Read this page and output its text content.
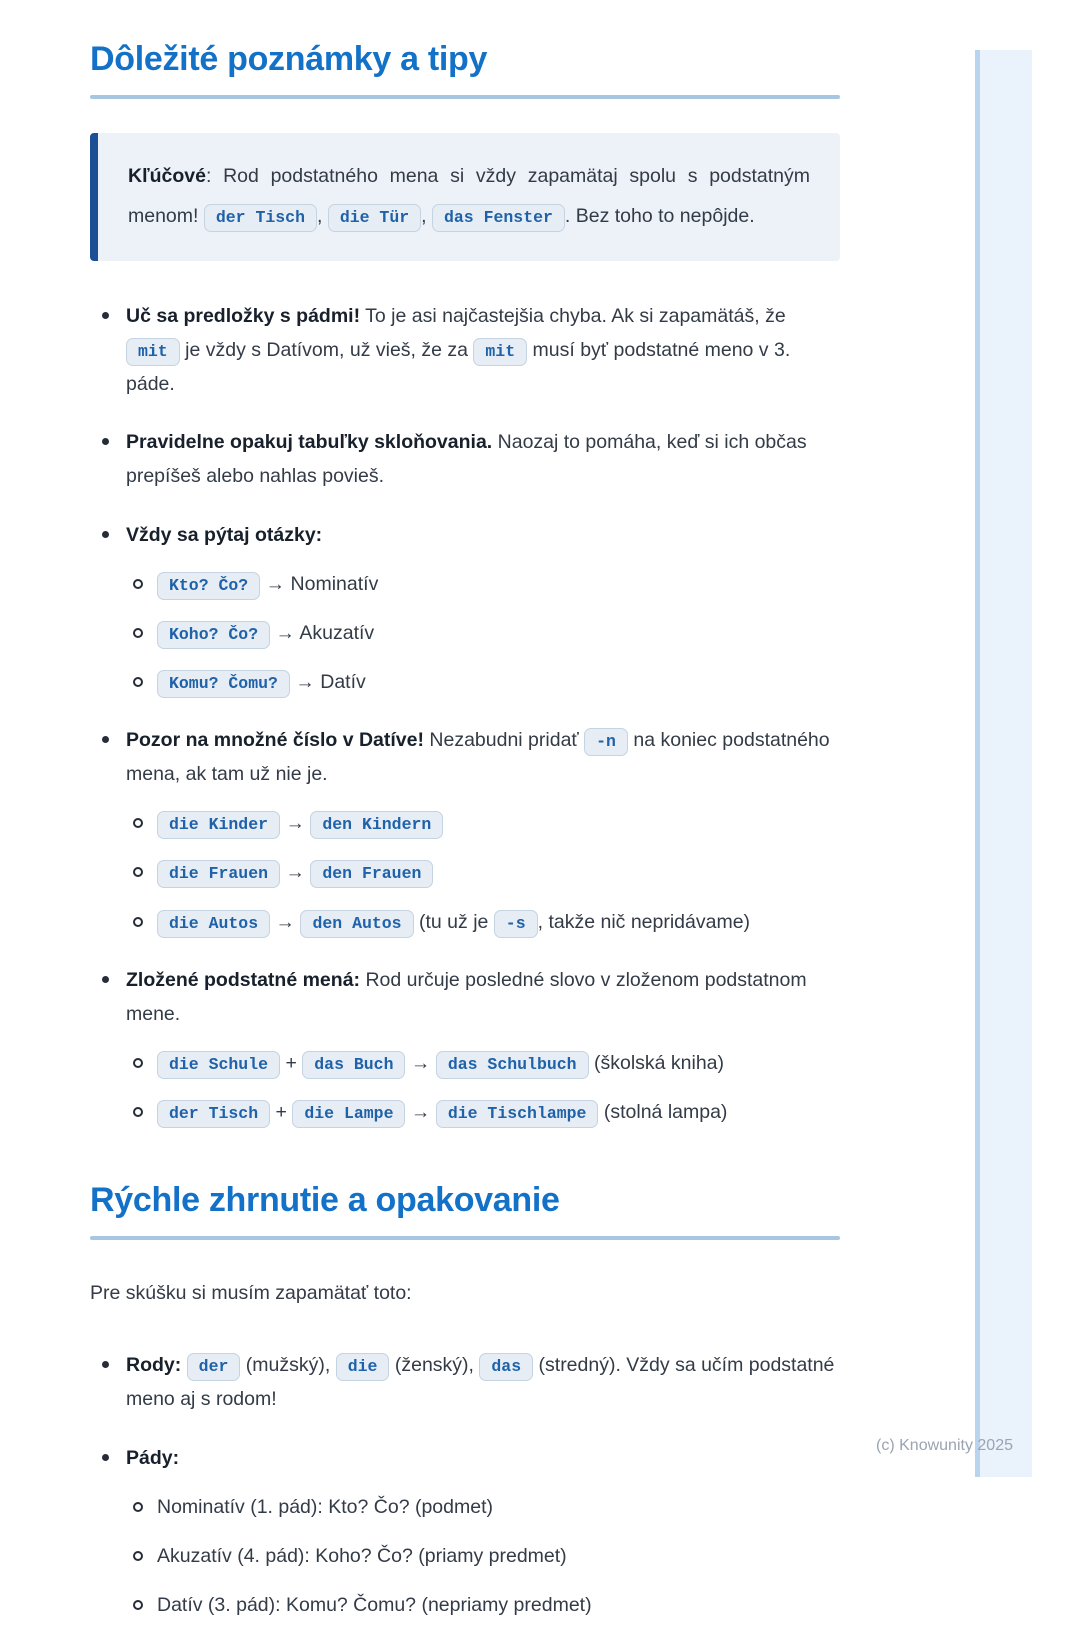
Dôležité poznámky a tipy

Kľúčové: Rod podstatného mena si vždy zapamätaj spolu s podstatným menom! der Tisch , die Tür , das Fenster . Bez toho to nepôjde.

Uč sa predložky s pádmi! To je asi najčastejšia chyba. Ak si zapamätáš, že mit je vždy s Datívom, už vieš, že za mit musí byť podstatné meno v 3. páde.

Pravidelne opakuj tabuľky skloňovania. Naozaj to pomáha, keď si ich občas prepíšeš alebo nahlas povieš.

Vždy sa pýtaj otázky:

Kto? Čo? → Nominatív

Koho? Čo? → Akuzatív

Komu? Čomu? → Datív

Pozor na množné číslo v Datíve! Nezabudni pridať -n na koniec podstatného mena, ak tam už nie je.

die Kinder → den Kindern

die Frauen → den Frauen

die Autos → den Autos (tu už je -s , takže nič nepridávame)

Zložené podstatné mená: Rod určuje posledné slovo v zloženom podstatnom mene.

die Schule + das Buch → das Schulbuch (školská kniha)

der Tisch + die Lampe → die Tischlampe (stolná lampa)

Rýchle zhrnutie a opakovanie

Pre skúšku si musím zapamätať toto:

Rody: der (mužský), die (ženský), das (stredný). Vždy sa učím podstatné meno aj s rodom!

Pády:

Nominatív (1. pád): Kto? Čo? (podmet)

Akuzatív (4. pád): Koho? Čo? (priamy predmet)

Datív (3. pád): Komu? Čomu? (nepriamy predmet)

(c) Knowunity 2025
